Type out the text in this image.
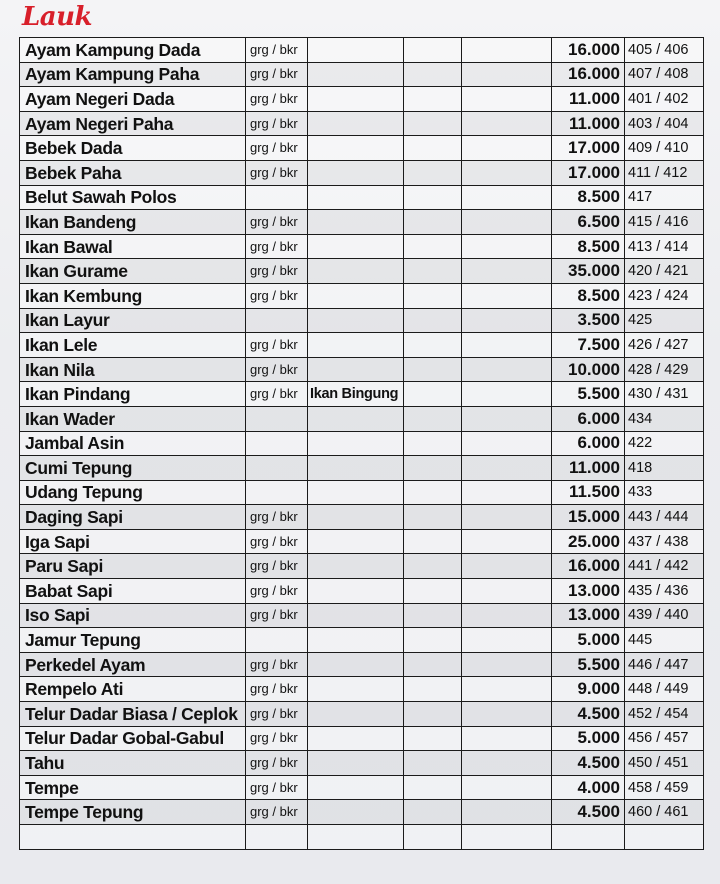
Lauk
Ayam Kampung Dada	grg / bkr				16.000	405 / 406
Ayam Kampung Paha	grg / bkr				16.000	407 / 408
Ayam Negeri Dada	grg / bkr				11.000	401 / 402
Ayam Negeri Paha	grg / bkr				11.000	403 / 404
Bebek Dada	grg / bkr				17.000	409 / 410
Bebek Paha	grg / bkr				17.000	411 / 412
Belut Sawah Polos					8.500	417
Ikan Bandeng	grg / bkr				6.500	415 / 416
Ikan Bawal	grg / bkr				8.500	413 / 414
Ikan Gurame	grg / bkr				35.000	420 / 421
Ikan Kembung	grg / bkr				8.500	423 / 424
Ikan Layur					3.500	425
Ikan Lele	grg / bkr				7.500	426 / 427
Ikan Nila	grg / bkr				10.000	428 / 429
Ikan Pindang	grg / bkr	Ikan Bingung			5.500	430 / 431
Ikan Wader					6.000	434
Jambal Asin					6.000	422
Cumi Tepung					11.000	418
Udang Tepung					11.500	433
Daging Sapi	grg / bkr				15.000	443 / 444
Iga Sapi	grg / bkr				25.000	437 / 438
Paru Sapi	grg / bkr				16.000	441 / 442
Babat Sapi	grg / bkr				13.000	435 / 436
Iso Sapi	grg / bkr				13.000	439 / 440
Jamur Tepung					5.000	445
Perkedel Ayam	grg / bkr				5.500	446 / 447
Rempelo Ati	grg / bkr				9.000	448 / 449
Telur Dadar Biasa / Ceplok	grg / bkr				4.500	452 / 454
Telur Dadar Gobal-Gabul	grg / bkr				5.000	456 / 457
Tahu	grg / bkr				4.500	450 / 451
Tempe	grg / bkr				4.000	458 / 459
Tempe Tepung	grg / bkr				4.500	460 / 461
